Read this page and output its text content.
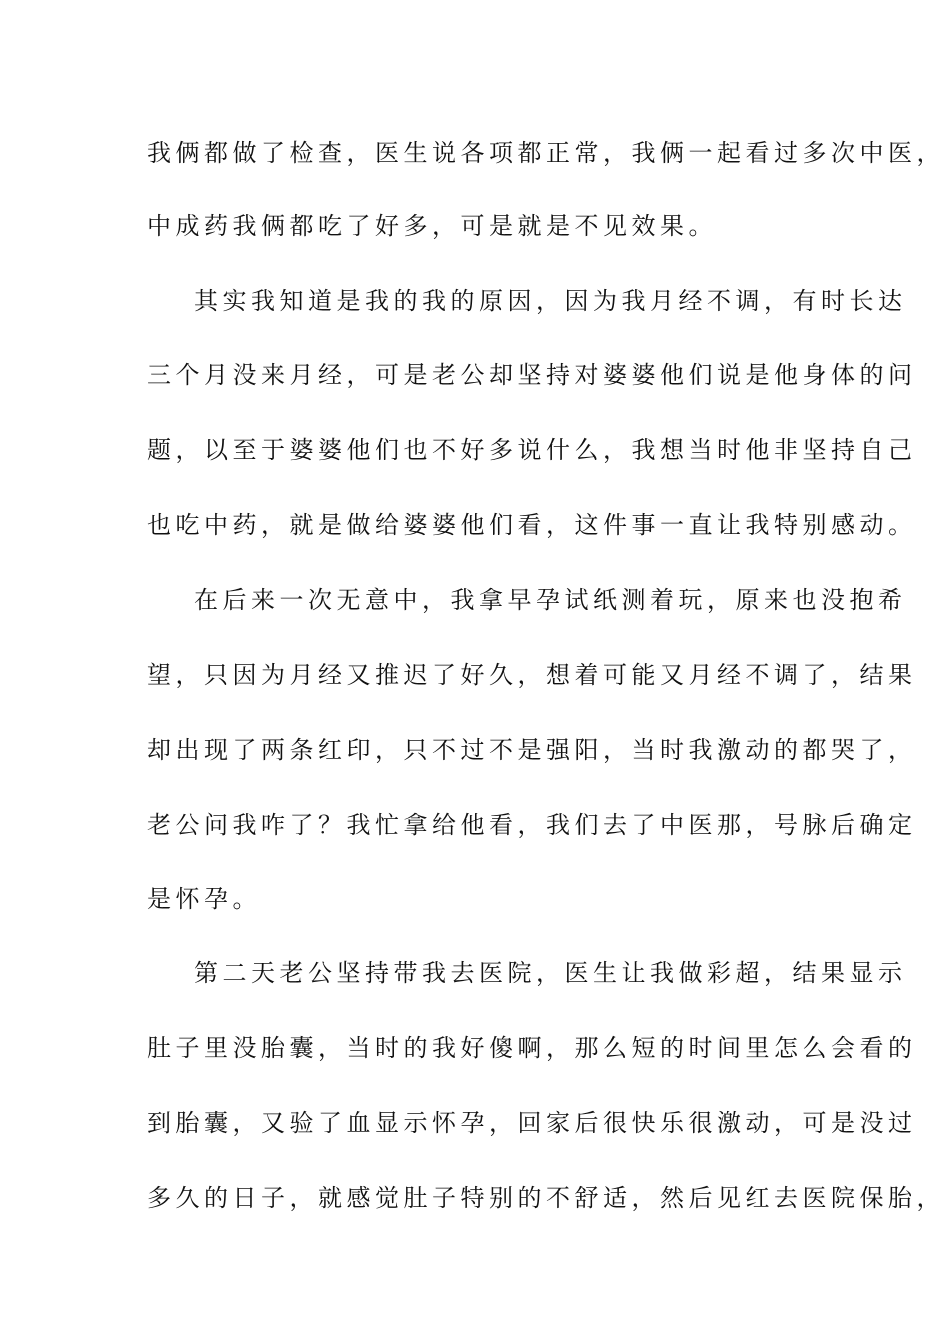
我俩都做了检查，医生说各项都正常，我俩一起看过多次中医，
中成药我俩都吃了好多，可是就是不见效果。
其实我知道是我的我的原因，因为我月经不调，有时长达
三个月没来月经，可是老公却坚持对婆婆他们说是他身体的问
题，以至于婆婆他们也不好多说什么，我想当时他非坚持自己
也吃中药，就是做给婆婆他们看，这件事一直让我特别感动。
在后来一次无意中，我拿早孕试纸测着玩，原来也没抱希
望，只因为月经又推迟了好久，想着可能又月经不调了，结果
却出现了两条红印，只不过不是强阳，当时我激动的都哭了，
老公问我咋了？我忙拿给他看，我们去了中医那，号脉后确定
是怀孕。
第二天老公坚持带我去医院，医生让我做彩超，结果显示
肚子里没胎囊，当时的我好傻啊，那么短的时间里怎么会看的
到胎囊，又验了血显示怀孕，回家后很快乐很激动，可是没过
多久的日子，就感觉肚子特别的不舒适，然后见红去医院保胎，
